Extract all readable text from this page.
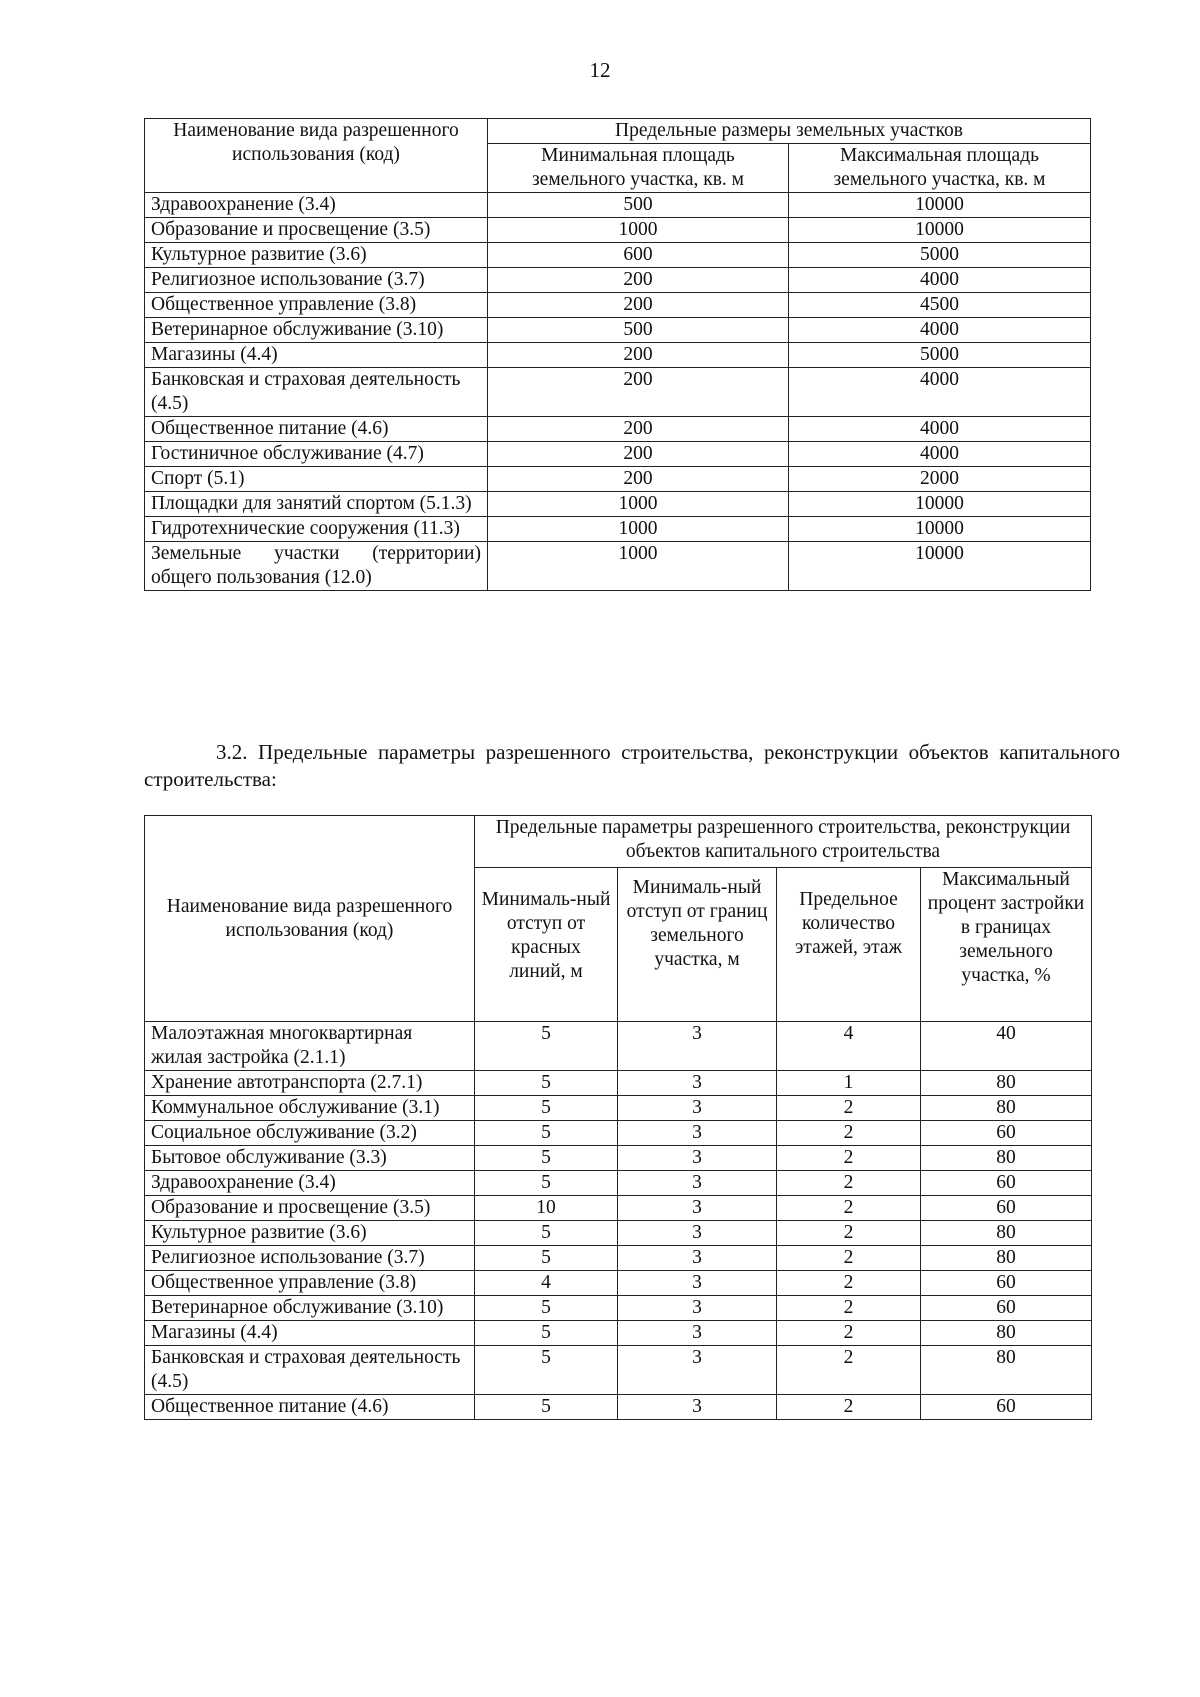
12
Наименование вида разрешенного использования (код)	Предельные размеры земельных участков	
	Минимальная площадь земельного участка, кв. м	Максимальная площадь земельного участка, кв. м
Здравоохранение (3.4)	500	10000
Образование и просвещение (3.5)	1000	10000
Культурное развитие (3.6)	600	5000
Религиозное использование (3.7)	200	4000
Общественное управление (3.8)	200	4500
Ветеринарное обслуживание (3.10)	500	4000
Магазины (4.4)	200	5000
Банковская и страховая деятельность (4.5)	200	4000
Общественное питание (4.6)	200	4000
Гостиничное обслуживание (4.7)	200	4000
Спорт (5.1)	200	2000
Площадки для занятий спортом (5.1.3)	1000	10000
Гидротехнические сооружения (11.3)	1000	10000
Земельные участки (территории) общего пользования (12.0)	1000	10000
3.2. Предельные параметры разрешенного строительства, реконструкции объектов капитального строительства:
Наименование вида разрешенного использования (код)	Предельные параметры разрешенного строительства, реконструкции объектов капитального строительства			
	Минималь-ный отступ от красных линий, м	Минималь-ный отступ от границ земельного участка, м	Предельное количество этажей, этаж	Максимальный процент застройки в границах земельного участка, %
Малоэтажная многоквартирная жилая застройка (2.1.1)	5	3	4	40
Хранение автотранспорта (2.7.1)	5	3	1	80
Коммунальное обслуживание (3.1)	5	3	2	80
Социальное обслуживание (3.2)	5	3	2	60
Бытовое обслуживание (3.3)	5	3	2	80
Здравоохранение (3.4)	5	3	2	60
Образование и просвещение (3.5)	10	3	2	60
Культурное развитие (3.6)	5	3	2	80
Религиозное использование (3.7)	5	3	2	80
Общественное управление (3.8)	4	3	2	60
Ветеринарное обслуживание (3.10)	5	3	2	60
Магазины (4.4)	5	3	2	80
Банковская и страховая деятельность (4.5)	5	3	2	80
Общественное питание (4.6)	5	3	2	60
